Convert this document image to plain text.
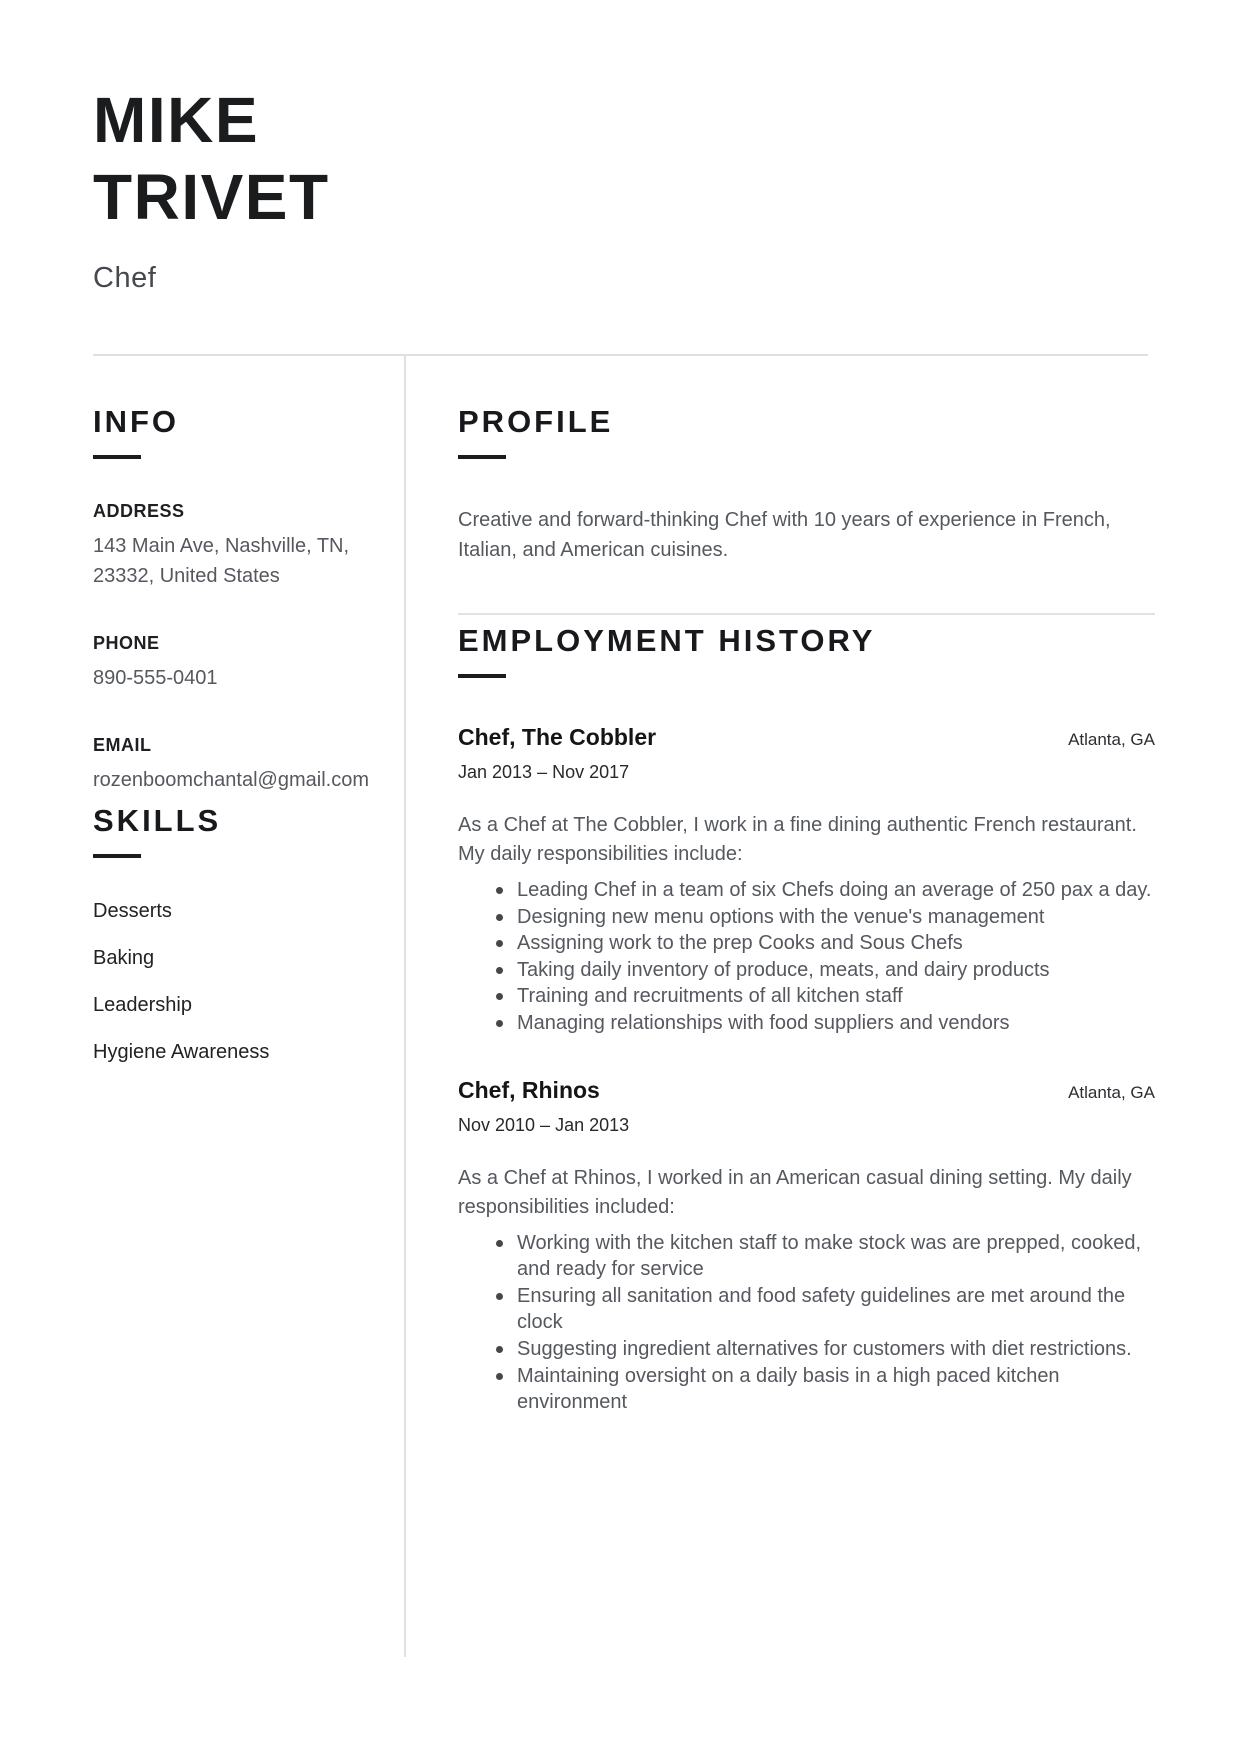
MIKE
TRIVET
Chef
INFO
ADDRESS
143 Main Ave, Nashville, TN, 23332, United States
PHONE
890-555-0401
EMAIL
rozenboomchantal@gmail.com
SKILLS
Desserts
Baking
Leadership
Hygiene Awareness
PROFILE

Creative and forward-thinking Chef with 10 years of experience in French, Italian, and American cuisines.

EMPLOYMENT HISTORY
Chef, The Cobbler	Atlanta, GA
Jan 2013 – Nov 2017

As a Chef at The Cobbler, I work in a fine dining authentic French restaurant. My daily responsibilities include:

Leading Chef in a team of six Chefs doing an average of 250 pax a day.
Designing new menu options with the venue's management
Assigning work to the prep Cooks and Sous Chefs
Taking daily inventory of produce, meats, and dairy products
Training and recruitments of all kitchen staff
Managing relationships with food suppliers and vendors
Chef, Rhinos	Atlanta, GA
Nov 2010 – Jan 2013

As a Chef at Rhinos, I worked in an American casual dining setting. My daily responsibilities included:

Working with the kitchen staff to make stock was are prepped, cooked, and ready for service
Ensuring all sanitation and food safety guidelines are met around the clock
Suggesting ingredient alternatives for customers with diet restrictions.
Maintaining oversight on a daily basis in a high paced kitchen environment
